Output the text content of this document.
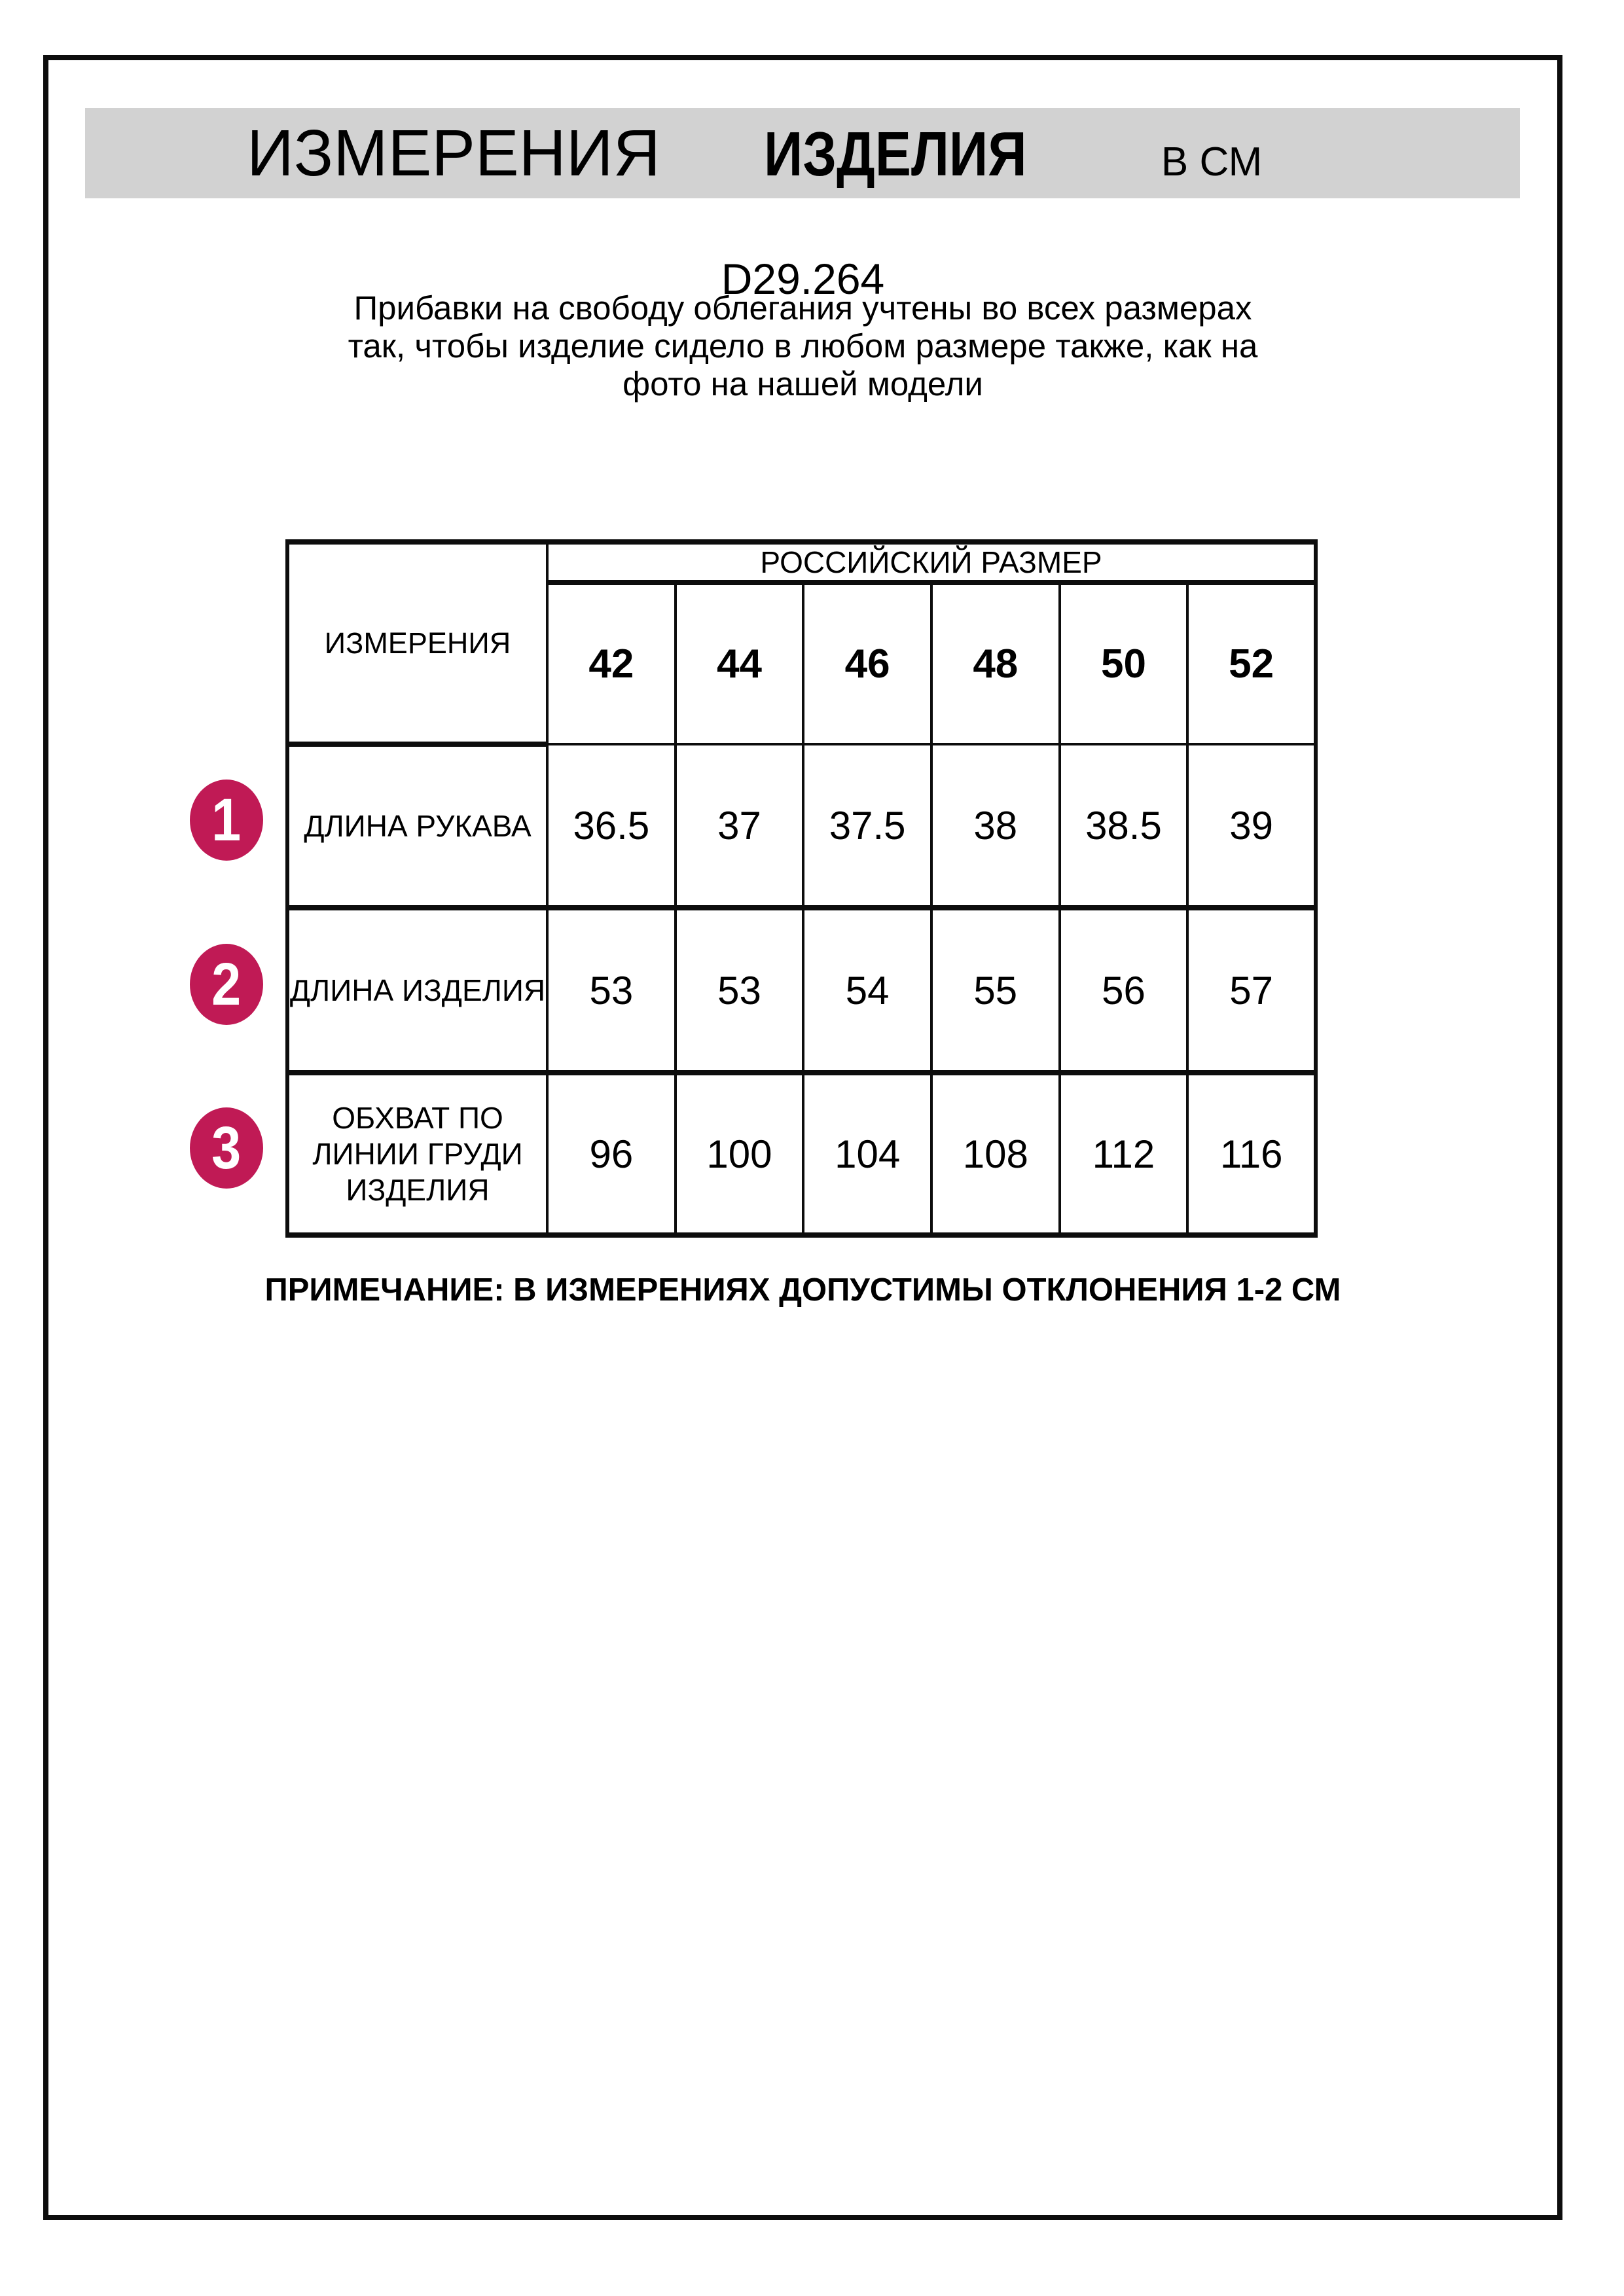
ИЗМЕРЕНИЯ ИЗДЕЛИЯ	В СМ
D29.264
Прибавки на свободу облегания учтены во всех размерах
так, чтобы изделие сидело в любом размере также, как на
фото на нашей модели
ИЗМЕРЕНИЯ	РОССИЙСКИЙ РАЗМЕР					
	42	44	46	48	50	52

ДЛИНА РУКАВА	36.5	37	37.5	38	38.5	39

ДЛИНА ИЗДЕЛИЯ	53	53	54	55	56	57

ОБХВАТ ПО
ЛИНИИ ГРУДИ
ИЗДЕЛИЯ	96	100	104	108	112	116
1
2
3
ПРИМЕЧАНИЕ: В ИЗМЕРЕНИЯХ ДОПУСТИМЫ ОТКЛОНЕНИЯ 1-2 СМ
